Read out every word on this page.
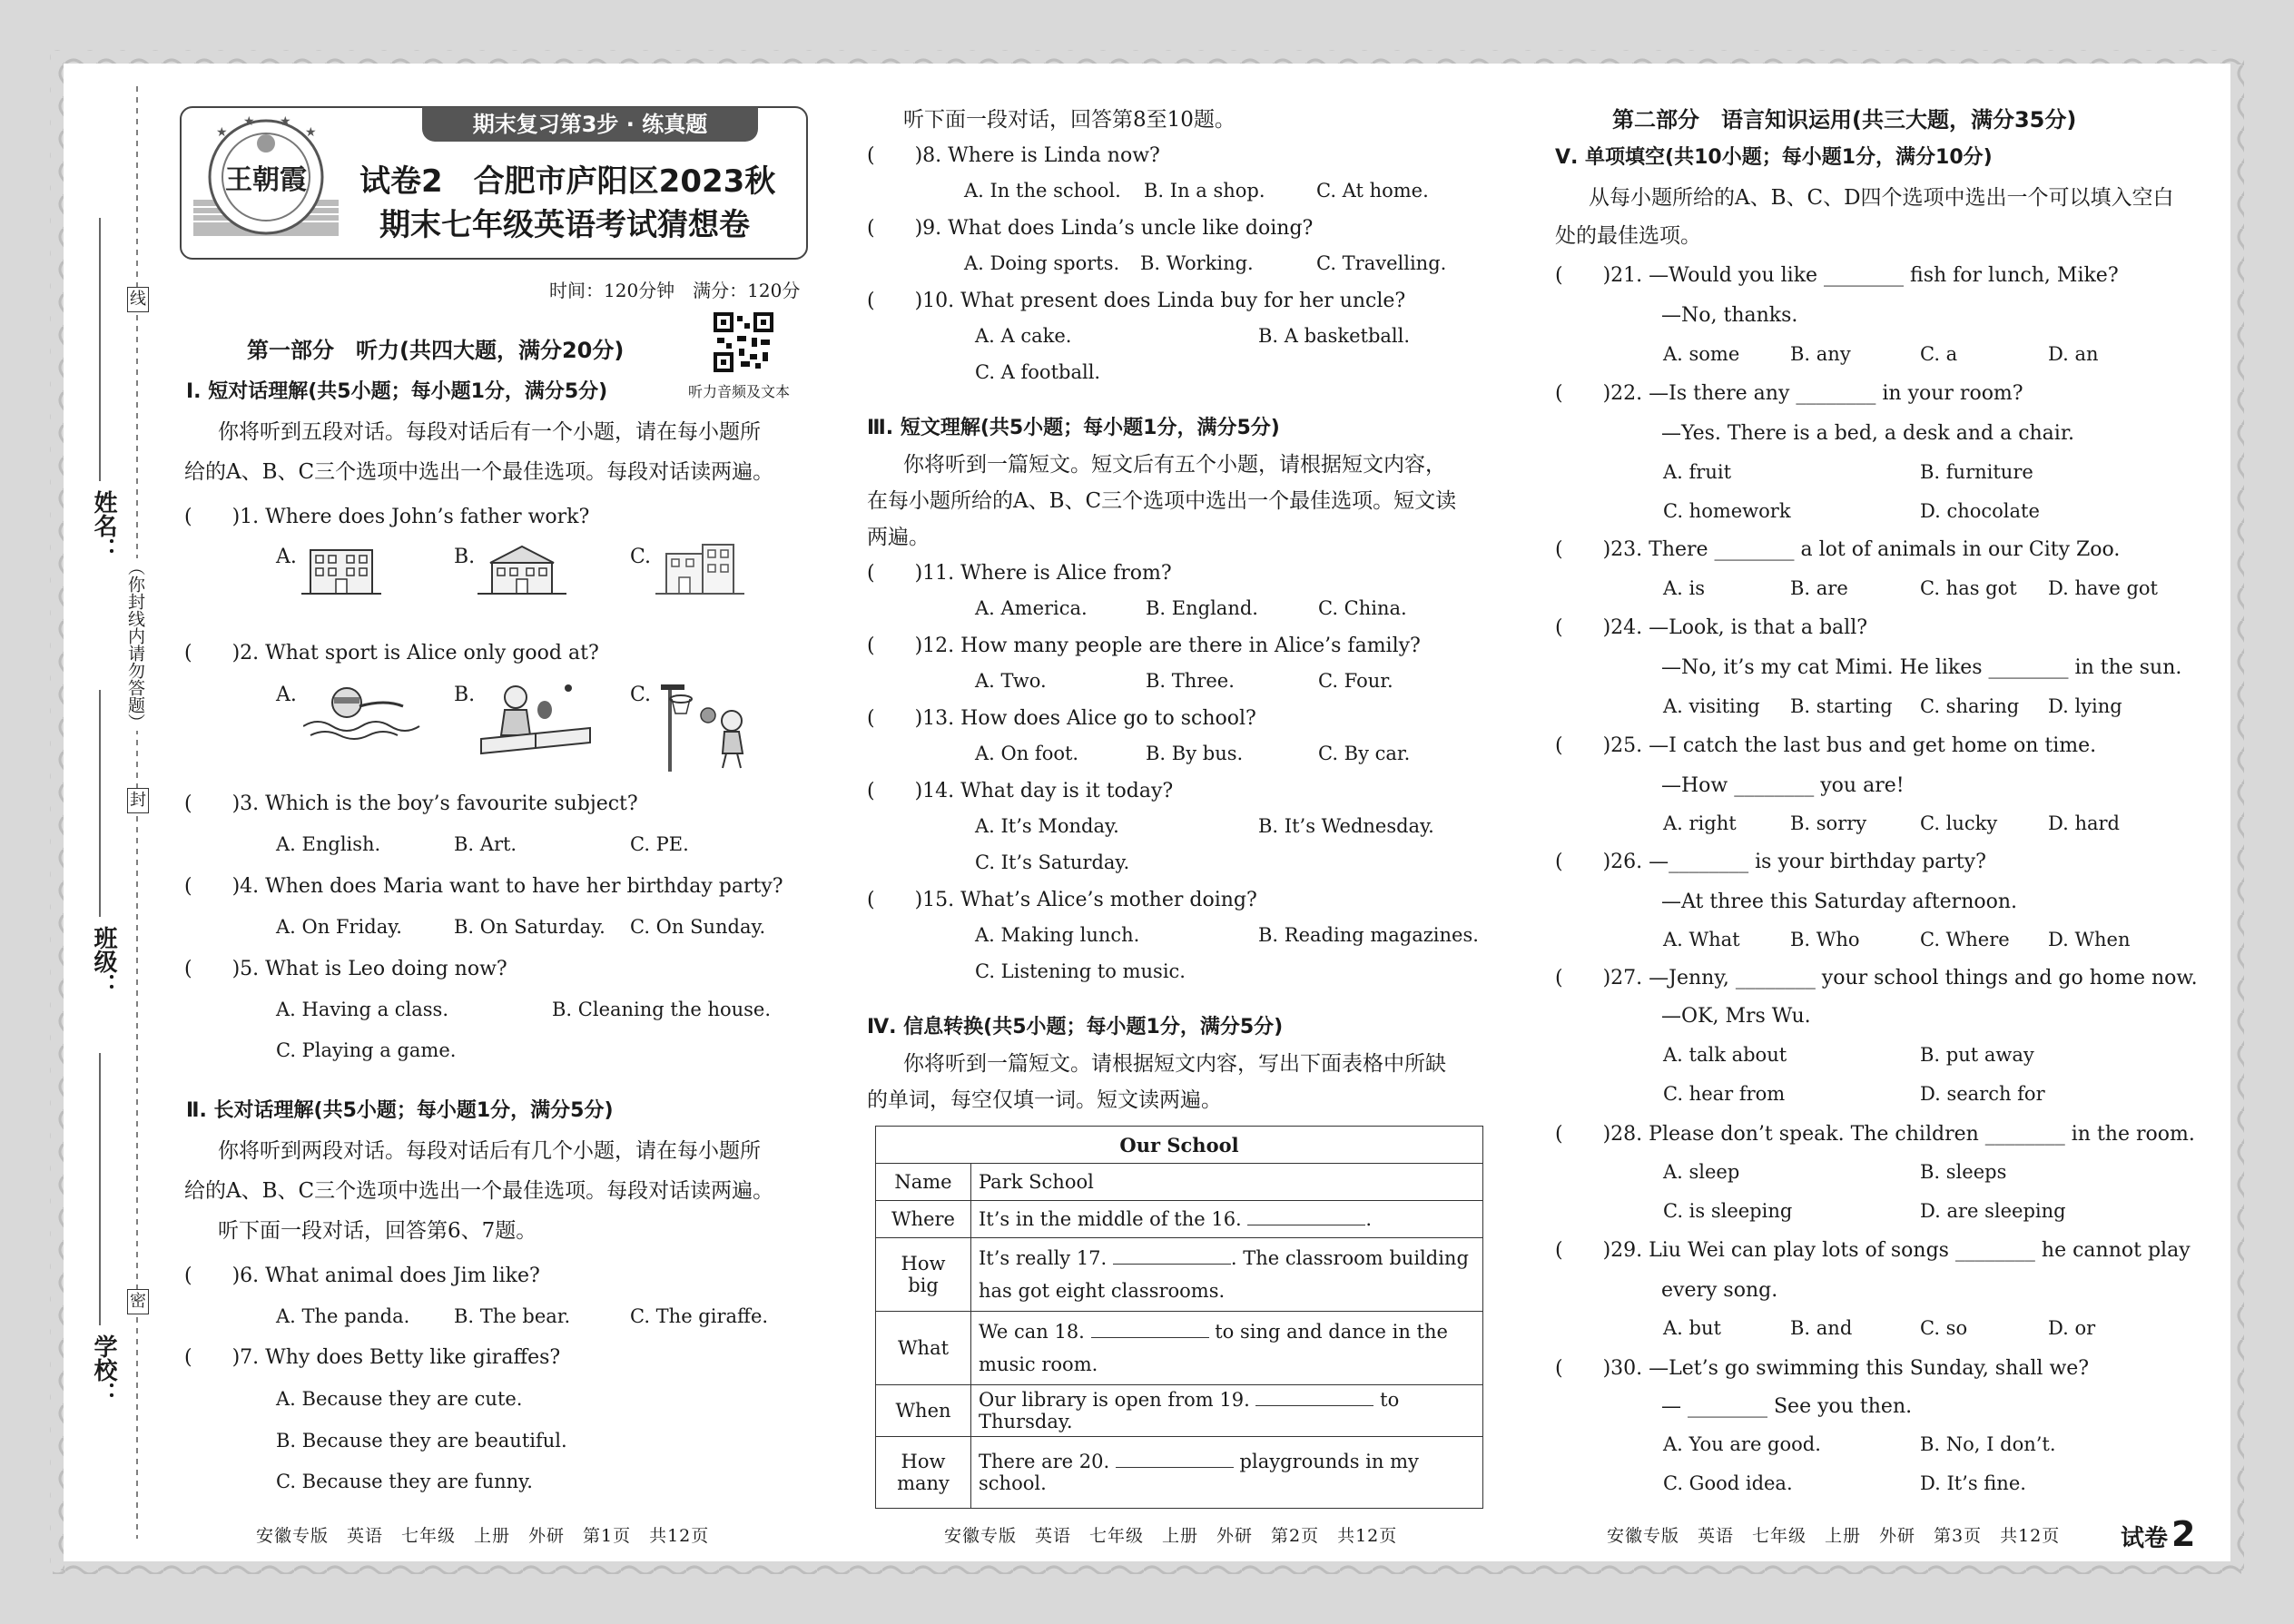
线
封
密
（你封线内请勿答题）
姓名：
班级：
学校：
王朝霞
★
★ ★
★	期末复习第3步 · 练真题
试卷2　合肥市庐阳区2023秋
期末七年级英语考试猜想卷
时间：120分钟　满分：120分
听力音频及文本
第一部分　听力(共四大题，满分20分)
Ⅰ. 短对话理解(共5小题；每小题1分，满分5分)
你将听到五段对话。每段对话后有一个小题，请在每小题所
给的A、B、C三个选项中选出一个最佳选项。每段对话读两遍。
(　　)1. Where does John’s father work?
A.	B.	C.
(　　)2. What sport is Alice only good at?
A.	B.	C.
(　　)3. Which is the boy’s favourite subject?
A. English.	B. Art.	C. PE.
(　　)4. When does Maria want to have her birthday party?
A. On Friday.	B. On Saturday. C. On Sunday.
(　　)5. What is Leo doing now?
A. Having a class.	B. Cleaning the house.
C. Playing a game.
Ⅱ. 长对话理解(共5小题；每小题1分，满分5分)
你将听到两段对话。每段对话后有几个小题，请在每小题所
给的A、B、C三个选项中选出一个最佳选项。每段对话读两遍。
听下面一段对话，回答第6、7题。
(　　)6. What animal does Jim like?
A. The panda. B. The bear.	C. The giraffe.
(　　)7. Why does Betty like giraffes?
A. Because they are cute.
B. Because they are beautiful.
C. Because they are funny.
安徽专版　英语　七年级　上册　外研　第1页　共12页
听下面一段对话，回答第8至10题。
(　　)8. Where is Linda now?
A. In the school. B. In a shop.	C. At home.
(　　)9. What does Linda’s uncle like doing?
A. Doing sports. B. Working.	C. Travelling.
(　　)10. What present does Linda buy for her uncle?
A. A cake.	B. A basketball.
C. A football.
Ⅲ. 短文理解(共5小题；每小题1分，满分5分)
你将听到一篇短文。短文后有五个小题，请根据短文内容，
在每小题所给的A、B、C三个选项中选出一个最佳选项。短文读
两遍。
(　　)11. Where is Alice from?
A. America.	B. England.	C. China.
(　　)12. How many people are there in Alice’s family?
A. Two.	B. Three.	C. Four.
(　　)13. How does Alice go to school?
A. On foot.	B. By bus.	C. By car.
(　　)14. What day is it today?
A. It’s Monday.	B. It’s Wednesday.
C. It’s Saturday.
(　　)15. What’s Alice’s mother doing?
A. Making lunch.	B. Reading magazines.
C. Listening to music.
Ⅳ. 信息转换(共5小题；每小题1分，满分5分)
你将听到一篇短文。请根据短文内容，写出下面表格中所缺
的单词，每空仅填一词。短文读两遍。
Our School	
Name	Park School
Where	It’s in the middle of the 16. .
How big	It’s really 17. . The classroom building has got eight classrooms.
What	We can 18. to sing and dance in the music room.
When	Our library is open from 19. to Thursday.
How many	There are 20. playgrounds in my school.
安徽专版　英语　七年级　上册　外研　第2页　共12页
第二部分　语言知识运用(共三大题，满分35分)
Ⅴ. 单项填空(共10小题；每小题1分，满分10分)
从每小题所给的A、B、C、D四个选项中选出一个可以填入空白
处的最佳选项。
(　　)21. —Would you like ________ fish for lunch, Mike?
—No, thanks.
A. some	B. any	C. a	D. an
(　　)22. —Is there any ________ in your room?
—Yes. There is a bed, a desk and a chair.
A. fruit	B. furniture
C. homework	D. chocolate
(　　)23. There ________ a lot of animals in our City Zoo.
A. is	B. are	C. has got D. have got
(　　)24. —Look, is that a ball?
—No, it’s my cat Mimi. He likes ________ in the sun.
A. visiting B. starting C. sharing D. lying
(　　)25. —I catch the last bus and get home on time.
—How ________ you are!
A. right	B. sorry	C. lucky	D. hard
(　　)26. —________ is your birthday party?
—At three this Saturday afternoon.
A. What	B. Who	C. Where D. When
(　　)27. —Jenny, ________ your school things and go home now.
—OK, Mrs Wu.
A. talk about	B. put away
C. hear from	D. search for
(　　)28. Please don’t speak. The children ________ in the room.
A. sleep	B. sleeps
C. is sleeping	D. are sleeping
(　　)29. Liu Wei can play lots of songs ________ he cannot play
every song.
A. but	B. and	C. so	D. or
(　　)30. —Let’s go swimming this Sunday, shall we?
— ________ See you then.
A. You are good.	B. No, I don’t.
C. Good idea.	D. It’s fine.
安徽专版　英语　七年级　上册　外研　第3页　共12页	试卷 2
